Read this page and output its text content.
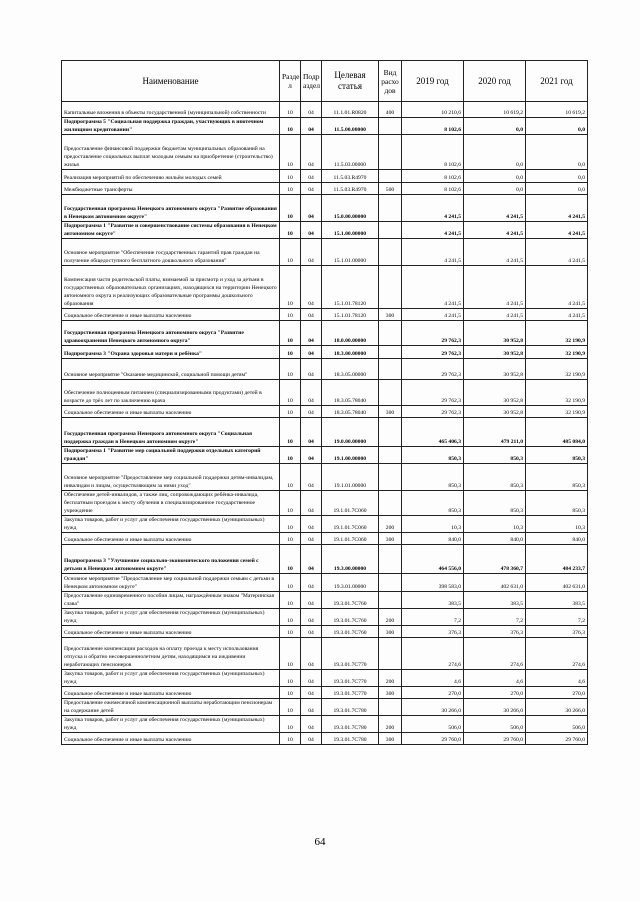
Наименование	Разде л	Подр аздел	Целевая статья	Вид расхо дов	2019 год	2020 год	2021 год
Капитальные вложения в объекты государственной (муниципальной) собственности	10	04	11.1.01.R0820	400	10 210,6	10 619,2	10 619,2
Подпрограмма 5 "Социальная поддержка граждан, участвующих в ипотечном жилищном кредитовании"	10	04	11.5.00.00000		8 102,6	0,0	0,0
Предоставление финансовой поддержки бюджетам муниципальных образований на предоставление социальных выплат молодым семьям на приобретение (строительство) жилья	10	04	11.5.03.00000		8 102,6	0,0	0,0
Реализация мероприятий по обеспечению жильём молодых семей	10	04	11.5.03.R4970		8 102,6	0,0	0,0
Межбюджетные трансферты	10	04	11.5.03.R4970	500	8 102,6	0,0	0,0
Государственная программа Ненецкого автономного округа "Развитие образования в Ненецком автономном округе"	10	04	15.0.00.00000		4 241,5	4 241,5	4 241,5
Подпрограмма 1 "Развитие и совершенствование системы образования в Ненецком автономном округе"	10	04	15.1.00.00000		4 241,5	4 241,5	4 241,5
Основное мероприятие "Обеспечение государственных гарантий прав граждан на получение общедоступного бесплатного дошкольного образования"	10	04	15.1.01.00000		4 241,5	4 241,5	4 241,5
Компенсация части родительской платы, взимаемой за присмотр и уход за детьми в государственных образовательных организациях, находящихся на территории Ненецкого автономного округа и реализующих образовательные программы дошкольного образования	10	04	15.1.01.78120		4 241,5	4 241,5	4 241,5
Социальное обеспечение и иные выплаты населению	10	04	15.1.01.78120	300	4 241,5	4 241,5	4 241,5
Государственная программа Ненецкого автономного округа "Развитие здравоохранения Ненецкого автономного округа"	10	04	18.0.00.00000		29 762,3	30 952,8	32 190,9
Подпрограмма 3 "Охрана здоровья матери и ребёнка"	10	04	18.3.00.00000		29 762,3	30 952,8	32 190,9
Основное мероприятие "Оказание медицинской, социальной помощи детям"	10	04	18.3.05.00000		29 762,3	30 952,8	32 190,9
Обеспечение полноценным питанием (специализированными продуктами) детей в возрасте до трёх лет по заключению врача	10	04	18.3.05.78040		29 762,3	30 952,8	32 190,9
Социальное обеспечение и иные выплаты населению	10	04	18.3.05.78040	300	29 762,3	30 952,8	32 190,9
Государственная программа Ненецкого автономного округа "Социальная поддержка граждан в Ненецком автономном округе"	10	04	19.0.00.00000		465 406,3	479 211,0	485 084,0
Подпрограмма 1 "Развитие мер социальной поддержки отдельных категорий граждан"	10	04	19.1.00.00000		850,3	850,3	850,3
Основное мероприятие "Предоставление мер социальной поддержки детям-инвалидам, инвалидам и лицам, осуществляющим за ними уход"	10	04	19.1.01.00000		850,3	850,3	850,3
Обеспечение детей-инвалидов, а также лиц, сопровождающих ребёнка-инвалида, бесплатным проездом к месту обучения в специализированное государственное учреждение	10	04	19.1.01.7C060		850,3	850,3	850,3
Закупка товаров, работ и услуг для обеспечения государственных (муниципальных) нужд	10	04	19.1.01.7C060	200	10,3	10,3	10,3
Социальное обеспечение и иные выплаты населению	10	04	19.1.01.7C060	300	840,0	840,0	840,0
Подпрограмма 3 "Улучшение социально-экономического положения семей с детьми в Ненецком автономном округе"	10	04	19.3.00.00000		464 556,0	478 360,7	484 233,7
Основное мероприятие "Предоставление мер социальной поддержки семьям с детьми в Ненецком автономном округе"	10	04	19.3.01.00000		398 583,0	402 631,0	402 631,0
Предоставление единовременного пособия лицам, награждённым знаком "Материнская слава"	10	04	19.3.01.7C760		383,5	383,5	383,5
Закупка товаров, работ и услуг для обеспечения государственных (муниципальных) нужд	10	04	19.3.01.7C760	200	7,2	7,2	7,2
Социальное обеспечение и иные выплаты населению	10	04	19.3.01.7C760	300	376,3	376,3	376,3
Предоставление компенсации расходов на оплату проезда к месту использования отпуска и обратно несовершеннолетним детям, находящимся на иждивении неработающих пенсионеров	10	04	19.3.01.7C770		274,6	274,6	274,6
Закупка товаров, работ и услуг для обеспечения государственных (муниципальных) нужд	10	04	19.3.01.7C770	200	4,6	4,6	4,6
Социальное обеспечение и иные выплаты населению	10	04	19.3.01.7C770	300	270,0	270,0	270,0
Предоставление ежемесячной компенсационной выплаты неработающим пенсионерам на содержание детей	10	04	19.3.01.7C780		30 266,0	30 266,0	30 266,0
Закупка товаров, работ и услуг для обеспечения государственных (муниципальных) нужд	10	04	19.3.01.7C780	200	506,0	506,0	506,0
Социальное обеспечение и иные выплаты населению	10	04	19.3.01.7C780	300	29 760,0	29 760,0	29 760,0
64
